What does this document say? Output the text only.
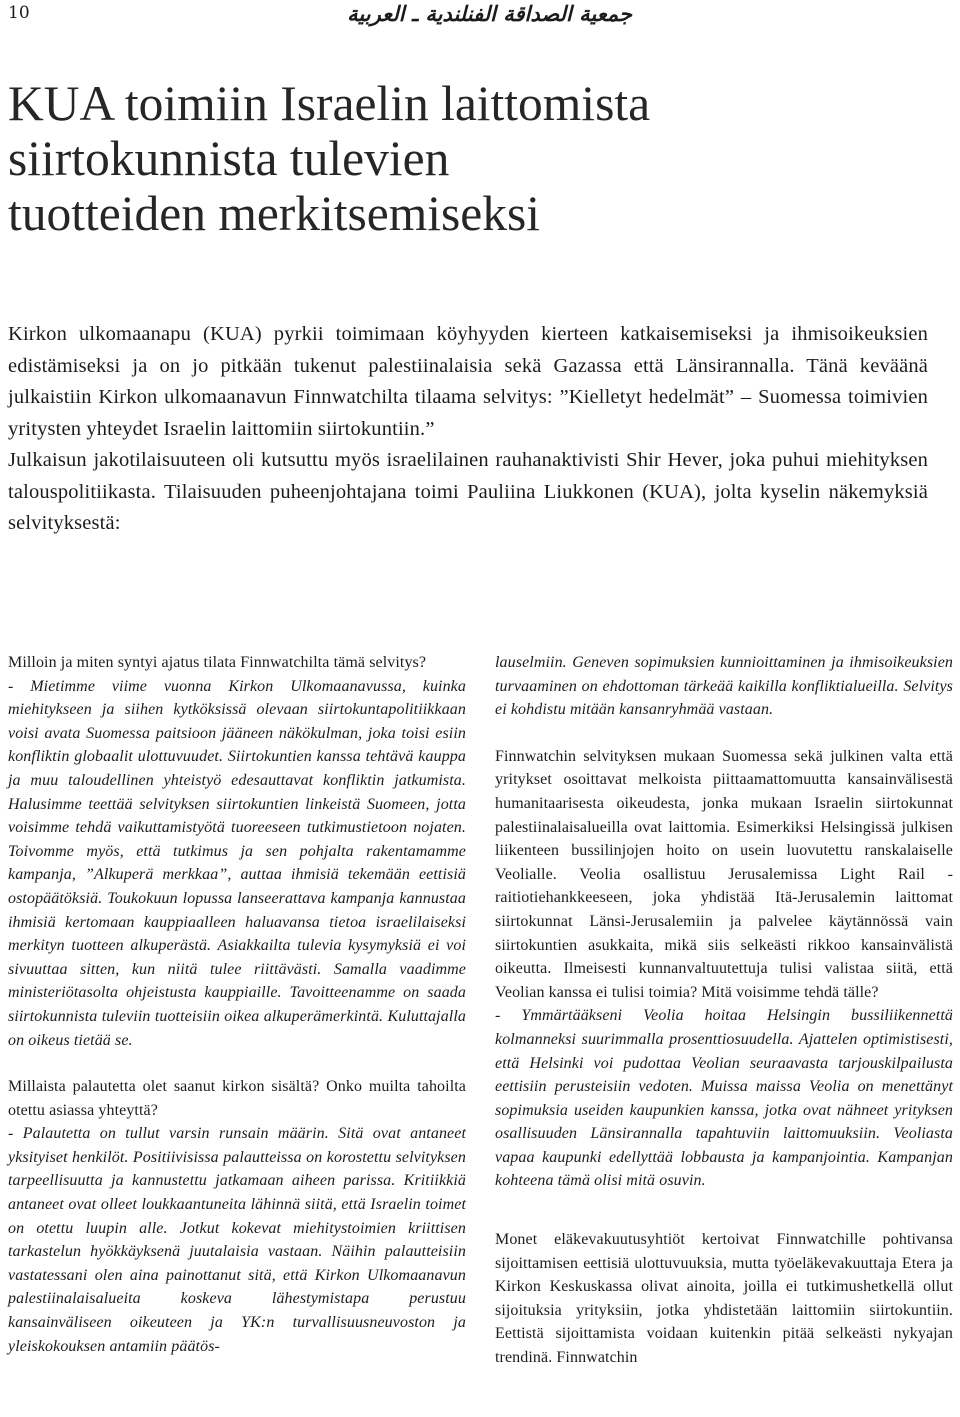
10	جمعية الصداقة الفنلندية ـ العربية
KUA toimiin Israelin laittomista
siirtokunnista tulevien
tuotteiden merkitsemiseksi

Kirkon ulkomaanapu (KUA) pyrkii toimimaan köyhyyden kierteen katkaisemiseksi ja ihmisoikeuksien edistämiseksi ja on jo pitkään tukenut palestiinalaisia sekä Gazassa että Länsirannalla. Tänä keväänä julkaistiin Kirkon ulkomaanavun Finnwatchilta tilaama selvitys: ”Kielletyt hedelmät” – Suomessa toimivien yritysten yhteydet Israelin laittomiin siirtokuntiin.”

Julkaisun jakotilaisuuteen oli kutsuttu myös israelilainen rauhanaktivisti Shir Hever, joka puhui miehityksen talouspolitiikasta. Tilaisuuden puheenjohtajana toimi Pauliina Liukkonen (KUA), jolta kyselin näkemyksiä selvityksestä:

Milloin ja miten syntyi ajatus tilata Finnwatchilta tämä selvitys?

- Mietimme viime vuonna Kirkon Ulkomaanavussa, kuinka miehitykseen ja siihen kytköksissä olevaan siirtokuntapolitiikkaan voisi avata Suomessa paitsioon jääneen näkökulman, joka toisi esiin konfliktin globaalit ulottuvuudet. Siirtokuntien kanssa tehtävä kauppa ja muu taloudellinen yhteistyö edesauttavat konfliktin jatkumista. Halusimme teettää selvityksen siirtokuntien linkeistä Suomeen, jotta voisimme tehdä vaikuttamistyötä tuoreeseen tutkimustietoon nojaten. Toivomme myös, että tutkimus ja sen pohjalta rakentamamme kampanja, ”Alkuperä merkkaa”, auttaa ihmisiä tekemään eettisiä ostopäätöksiä. Toukokuun lopussa lanseerattava kampanja kannustaa ihmisiä kertomaan kauppiaalleen haluavansa tietoa israelilaiseksi merkityn tuotteen alkuperästä. Asiakkailta tulevia kysymyksiä ei voi sivuuttaa sitten, kun niitä tulee riittävästi. Samalla vaadimme ministeriötasolta ohjeistusta kauppiaille. Tavoitteenamme on saada siirtokunnista tuleviin tuotteisiin oikea alkuperämerkintä. Kuluttajalla on oikeus tietää se.

Millaista palautetta olet saanut kirkon sisältä? Onko muilta tahoilta otettu asiassa yhteyttä?

- Palautetta on tullut varsin runsain määrin. Sitä ovat antaneet yksityiset henkilöt. Positiivisissa palautteissa on korostettu selvityksen tarpeellisuutta ja kannustettu jatkamaan aiheen parissa. Kritiikkiä antaneet ovat olleet loukkaantuneita lähinnä siitä, että Israelin toimet on otettu luupin alle. Jotkut kokevat miehitystoimien kriittisen tarkastelun hyökkäyksenä juutalaisia vastaan. Näihin palautteisiin vastatessani olen aina painottanut sitä, että Kirkon Ulkomaanavun palestiinalaisalueita koskeva lähestymistapa perustuu kansainväliseen oikeuteen ja YK:n turvallisuusneuvoston ja yleiskokouksen antamiin päätös-

lauselmiin. Geneven sopimuksien kunnioittaminen ja ihmisoikeuksien turvaaminen on ehdottoman tärkeää kaikilla konfliktialueilla. Selvitys ei kohdistu mitään kansanryhmää vastaan.

Finnwatchin selvityksen mukaan Suomessa sekä julkinen valta että yritykset osoittavat melkoista piittaamattomuutta kansainvälisestä humanitaarisesta oikeudesta, jonka mukaan Israelin siirtokunnat palestiinalaisalueilla ovat laittomia. Esimerkiksi Helsingissä julkisen liikenteen bussilinjojen hoito on usein luovutettu ranskalaiselle Veolialle. Veolia osallistuu Jerusalemissa Light Rail -raitiotiehankkeeseen, joka yhdistää Itä-Jerusalemin laittomat siirtokunnat Länsi-Jerusalemiin ja palvelee käytännössä vain siirtokuntien asukkaita, mikä siis selkeästi rikkoo kansainvälistä oikeutta. Ilmeisesti kunnanvaltuutettuja tulisi valistaa siitä, että Veolian kanssa ei tulisi toimia? Mitä voisimme tehdä tälle?

- Ymmärtääkseni Veolia hoitaa Helsingin bussiliikennettä kolmanneksi suurimmalla prosenttiosuudella. Ajattelen optimistisesti, että Helsinki voi pudottaa Veolian seuraavasta tarjouskilpailusta eettisiin perusteisiin vedoten. Muissa maissa Veolia on menettänyt sopimuksia useiden kaupunkien kanssa, jotka ovat nähneet yrityksen osallisuuden Länsirannalla tapahtuviin laittomuuksiin. Veoliasta vapaa kaupunki edellyttää lobbausta ja kampanjointia. Kampanjan kohteena tämä olisi mitä osuvin.

Monet eläkevakuutusyhtiöt kertoivat Finnwatchille pohtivansa sijoittamisen eettisiä ulottuvuuksia, mutta työeläkevakuuttaja Etera ja Kirkon Keskuskassa olivat ainoita, joilla ei tutkimushetkellä ollut sijoituksia yrityksiin, jotka yhdistetään laittomiin siirtokuntiin. Eettistä sijoittamista voidaan kuitenkin pitää selkeästi nykyajan trendinä. Finnwatchin
